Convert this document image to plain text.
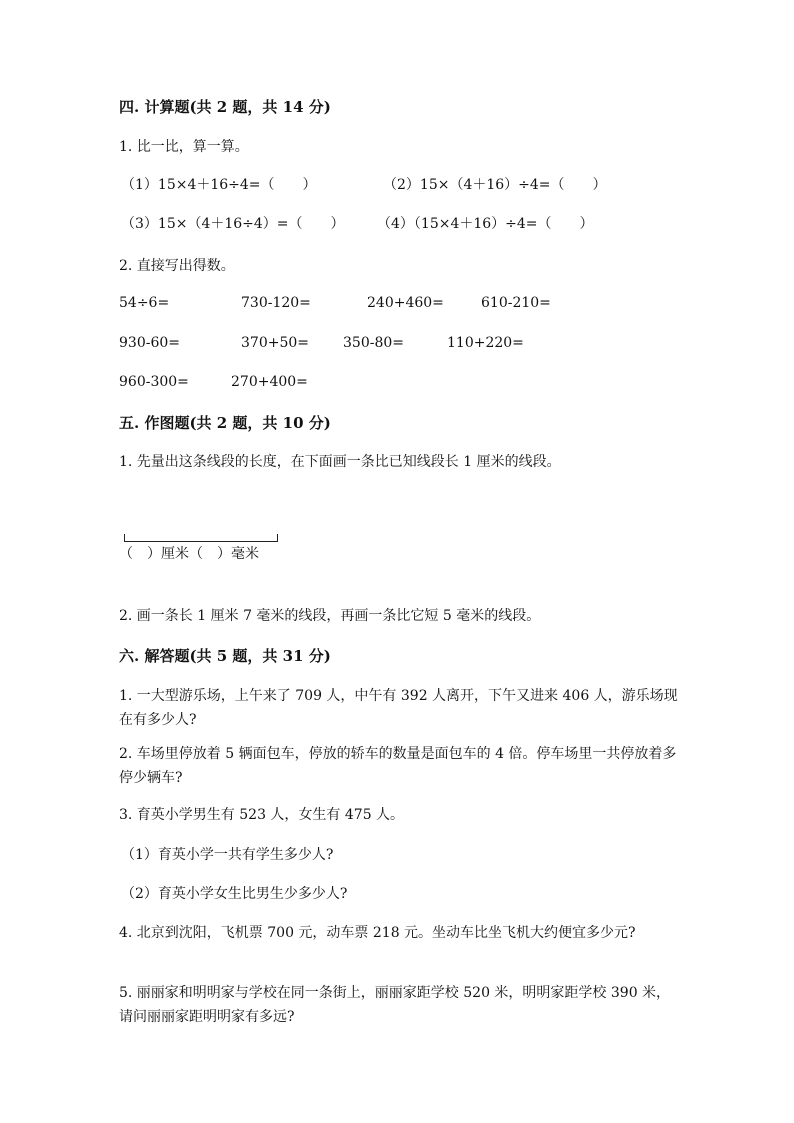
四. 计算题(共 2 题，共 14 分)
1. 比一比，算一算。
（1）15×4＋16÷4=（　　）	（2）15×（4＋16）÷4=（　　）
（3）15×（4＋16÷4）=（　　） （4）（15×4＋16）÷4=（　　）
2. 直接写出得数。
54÷6=	730-120=	240+460=	610-210=
930-60=	370+50= 350-80=	110+220=
960-300=	270+400=
五. 作图题(共 2 题，共 10 分)
1. 先量出这条线段的长度，在下面画一条比已知线段长 1 厘米的线段。
（　）厘米（　）毫米
2. 画一条长 1 厘米 7 毫米的线段，再画一条比它短 5 毫米的线段。
六. 解答题(共 5 题，共 31 分)
1. 一大型游乐场，上午来了 709 人，中午有 392 人离开，下午又进来 406 人，游乐场现在有多少人?
2. 车场里停放着 5 辆面包车，停放的轿车的数量是面包车的 4 倍。停车场里一共停放着多停少辆车?
3. 育英小学男生有 523 人，女生有 475 人。
（1）育英小学一共有学生多少人?
（2）育英小学女生比男生少多少人?
4. 北京到沈阳，飞机票 700 元，动车票 218 元。坐动车比坐飞机大约便宜多少元?
5. 丽丽家和明明家与学校在同一条街上，丽丽家距学校 520 米，明明家距学校 390 米，请问丽丽家距明明家有多远?
